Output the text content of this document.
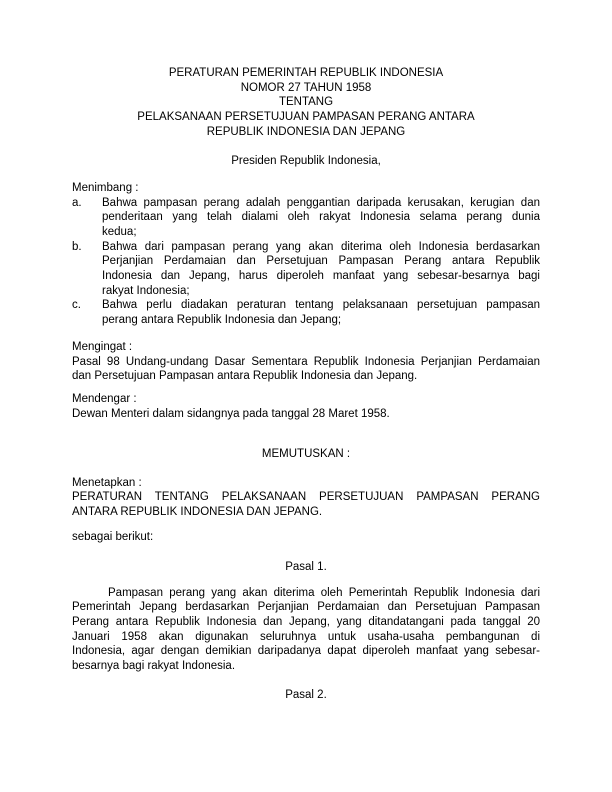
PERATURAN PEMERINTAH REPUBLIK INDONESIA
NOMOR 27 TAHUN 1958
TENTANG
PELAKSANAAN PERSETUJUAN PAMPASAN PERANG ANTARA
REPUBLIK INDONESIA DAN JEPANG
Presiden Republik Indonesia,
Menimbang :
a. Bahwa pampasan perang adalah penggantian daripada kerusakan, kerugian dan
penderitaan yang telah dialami oleh rakyat Indonesia selama perang dunia
kedua;
b. Bahwa dari pampasan perang yang akan diterima oleh Indonesia berdasarkan
Perjanjian Perdamaian dan Persetujuan Pampasan Perang antara Republik
Indonesia dan Jepang, harus diperoleh manfaat yang sebesar-besarnya bagi
rakyat Indonesia;
c. Bahwa perlu diadakan peraturan tentang pelaksanaan persetujuan pampasan
perang antara Republik Indonesia dan Jepang;
Mengingat :
Pasal 98 Undang-undang Dasar Sementara Republik Indonesia Perjanjian Perdamaian
dan Persetujuan Pampasan antara Republik Indonesia dan Jepang.
Mendengar :
Dewan Menteri dalam sidangnya pada tanggal 28 Maret 1958.
MEMUTUSKAN :
Menetapkan :
PERATURAN TENTANG PELAKSANAAN PERSETUJUAN PAMPASAN PERANG
ANTARA REPUBLIK INDONESIA DAN JEPANG.
sebagai berikut:
Pasal 1.
Pampasan perang yang akan diterima oleh Pemerintah Republik Indonesia dari
Pemerintah Jepang berdasarkan Perjanjian Perdamaian dan Persetujuan Pampasan
Perang antara Republik Indonesia dan Jepang, yang ditandatangani pada tanggal 20
Januari 1958 akan digunakan seluruhnya untuk usaha-usaha pembangunan di
Indonesia, agar dengan demikian daripadanya dapat diperoleh manfaat yang sebesar-
besarnya bagi rakyat Indonesia.
Pasal 2.
